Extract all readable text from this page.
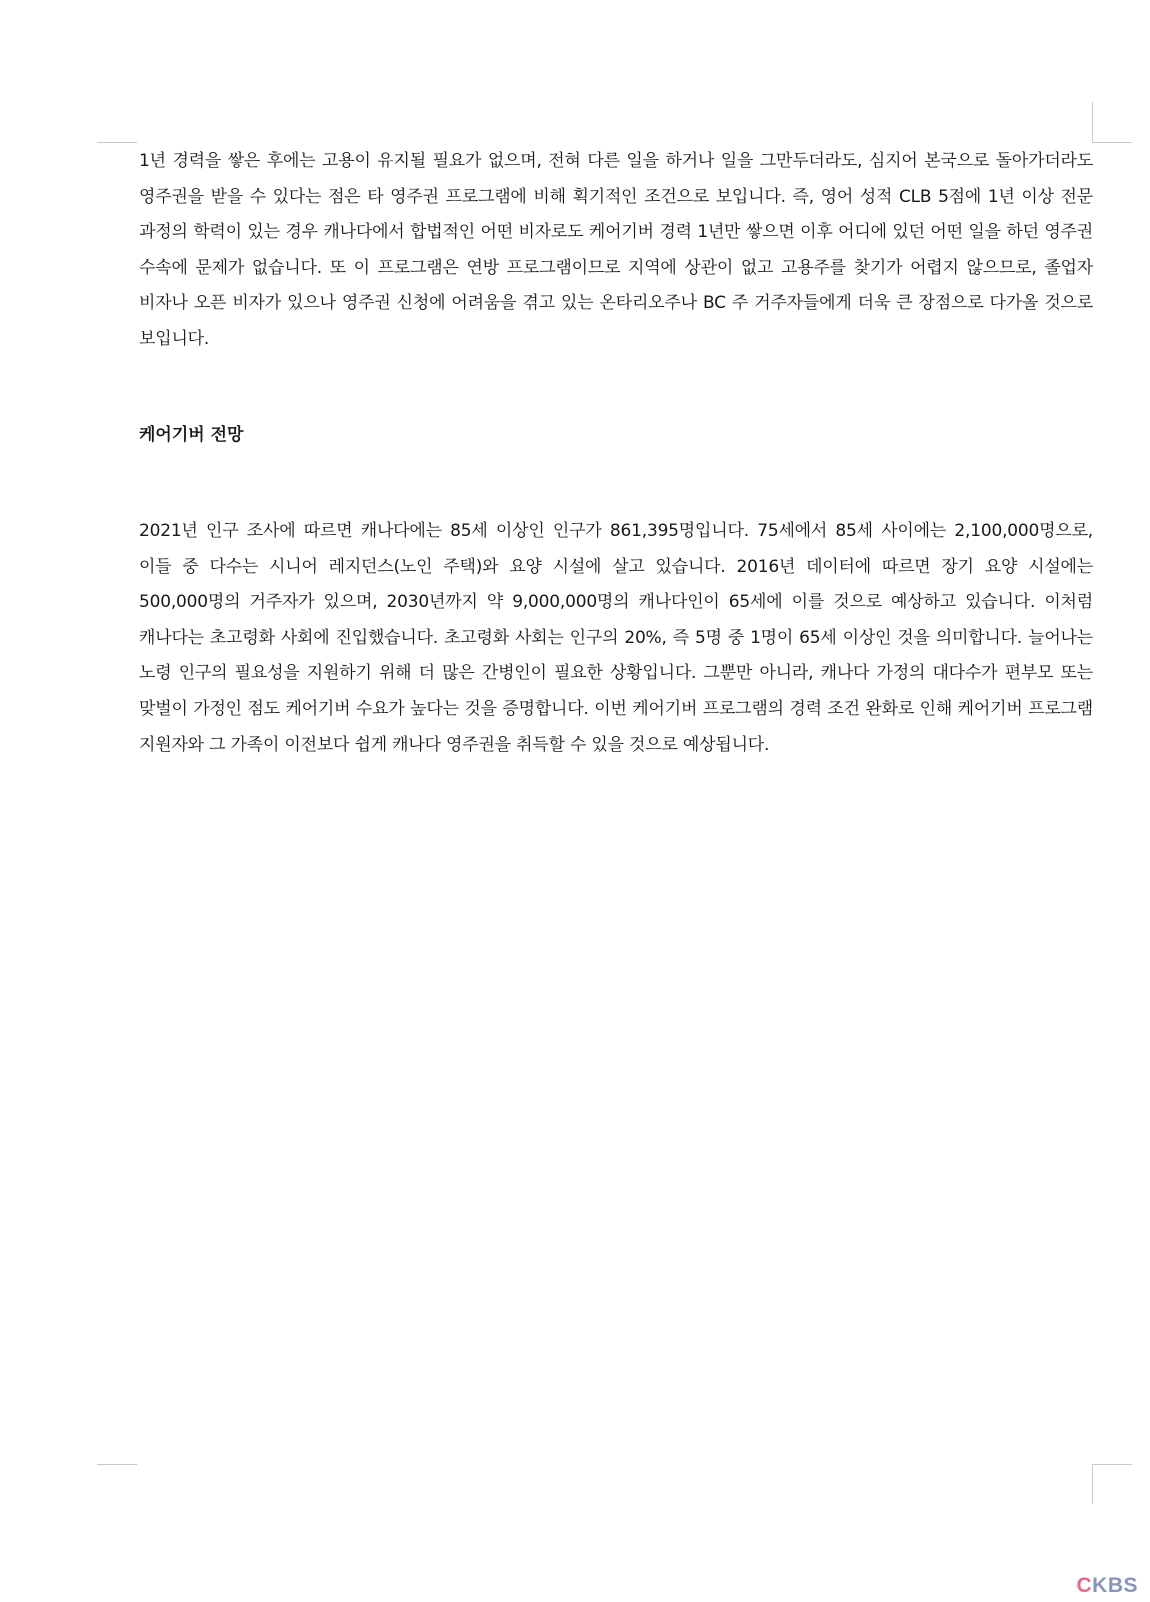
1년 경력을 쌓은 후에는 고용이 유지될 필요가 없으며, 전혀 다른 일을 하거나 일을 그만두더라도, 심지어 본국으로 돌아가더라도 영주권을 받을 수 있다는 점은 타 영주권 프로그램에 비해 획기적인 조건으로 보입니다. 즉, 영어 성적 CLB 5점에 1년 이상 전문 과정의 학력이 있는 경우 캐나다에서 합법적인 어떤 비자로도 케어기버 경력 1년만 쌓으면 이후 어디에 있던 어떤 일을 하던 영주권 수속에 문제가 없습니다. 또 이 프로그램은 연방 프로그램이므로 지역에 상관이 없고 고용주를 찾기가 어렵지 않으므로, 졸업자 비자나 오픈 비자가 있으나 영주권 신청에 어려움을 겪고 있는 온타리오주나 BC 주 거주자들에게 더욱 큰 장점으로 다가올 것으로 보입니다.

케어기버 전망

2021년 인구 조사에 따르면 캐나다에는 85세 이상인 인구가 861,395명입니다. 75세에서 85세 사이에는 2,100,000명으로, 이들 중 다수는 시니어 레지던스(노인 주택)와 요양 시설에 살고 있습니다. 2016년 데이터에 따르면 장기 요양 시설에는 500,000명의 거주자가 있으며, 2030년까지 약 9,000,000명의 캐나다인이 65세에 이를 것으로 예상하고 있습니다. 이처럼 캐나다는 초고령화 사회에 진입했습니다. 초고령화 사회는 인구의 20%, 즉 5명 중 1명이 65세 이상인 것을 의미합니다. 늘어나는 노령 인구의 필요성을 지원하기 위해 더 많은 간병인이 필요한 상황입니다. 그뿐만 아니라, 캐나다 가정의 대다수가 편부모 또는 맞벌이 가정인 점도 케어기버 수요가 높다는 것을 증명합니다. 이번 케어기버 프로그램의 경력 조건 완화로 인해 케어기버 프로그램 지원자와 그 가족이 이전보다 쉽게 캐나다 영주권을 취득할 수 있을 것으로 예상됩니다.

CKBS
